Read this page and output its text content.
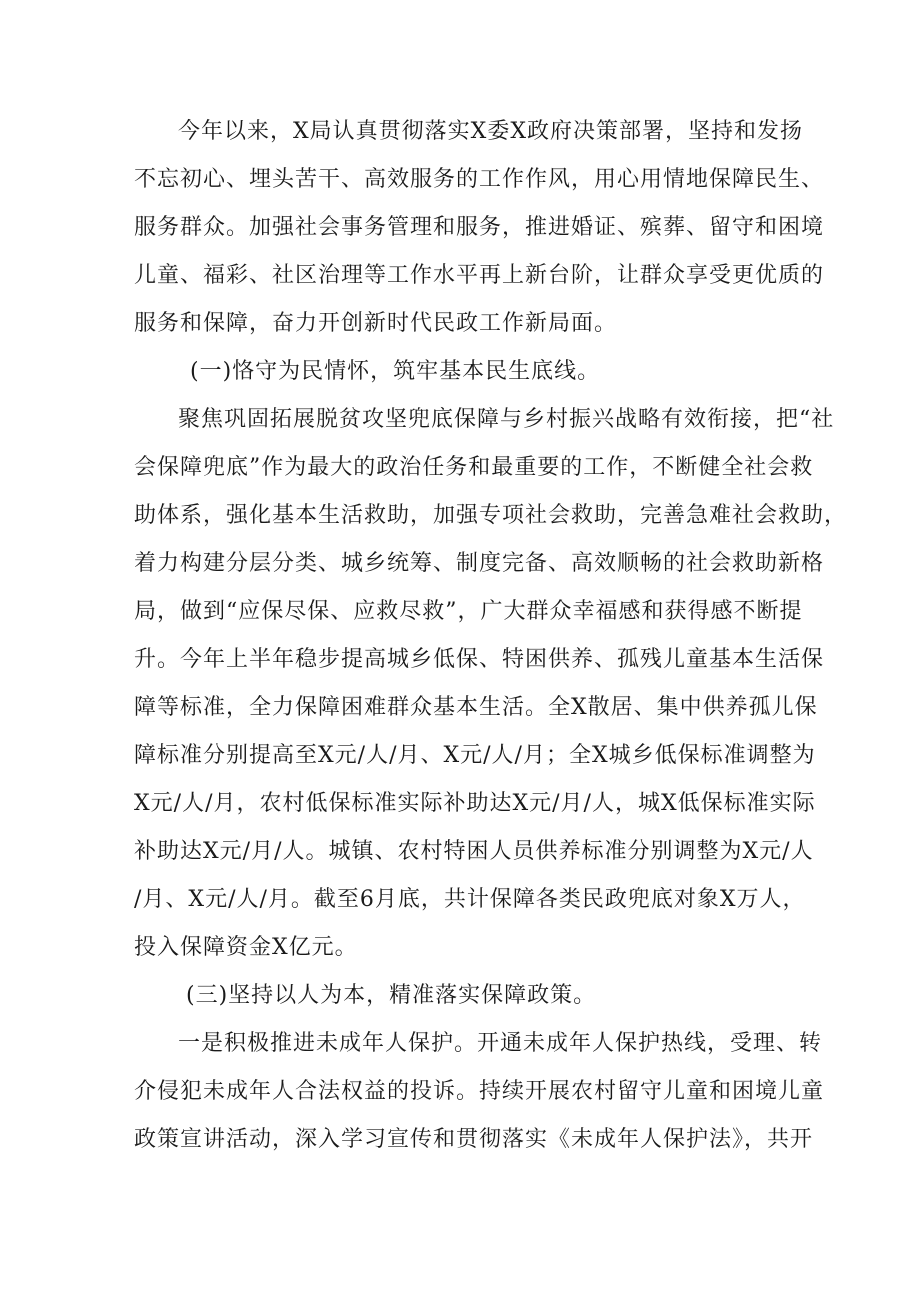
今年以来，X局认真贯彻落实X委X政府决策部署，坚持和发扬
不忘初心、埋头苦干、高效服务的工作作风，用心用情地保障民生、
服务群众。加强社会事务管理和服务，推进婚证、殡葬、留守和困境
儿童、福彩、社区治理等工作水平再上新台阶，让群众享受更优质的
服务和保障，奋力开创新时代民政工作新局面。
(一)恪守为民情怀，筑牢基本民生底线。
聚焦巩固拓展脱贫攻坚兜底保障与乡村振兴战略有效衔接，把“社
会保障兜底”作为最大的政治任务和最重要的工作，不断健全社会救
助体系，强化基本生活救助，加强专项社会救助，完善急难社会救助，
着力构建分层分类、城乡统筹、制度完备、高效顺畅的社会救助新格
局，做到“应保尽保、应救尽救”，广大群众幸福感和获得感不断提
升。今年上半年稳步提高城乡低保、特困供养、孤残儿童基本生活保
障等标准，全力保障困难群众基本生活。全X散居、集中供养孤儿保
障标准分别提高至X元/人/月、X元/人/月；全X城乡低保标准调整为
X元/人/月，农村低保标准实际补助达X元/月/人，城X低保标准实际
补助达X元/月/人。城镇、农村特困人员供养标准分别调整为X元/人
/月、X元/人/月。截至6月底，共计保障各类民政兜底对象X万人，
投入保障资金X亿元。
(三)坚持以人为本，精准落实保障政策。
一是积极推进未成年人保护。开通未成年人保护热线，受理、转
介侵犯未成年人合法权益的投诉。持续开展农村留守儿童和困境儿童
政策宣讲活动，深入学习宣传和贯彻落实《未成年人保护法》，共开
